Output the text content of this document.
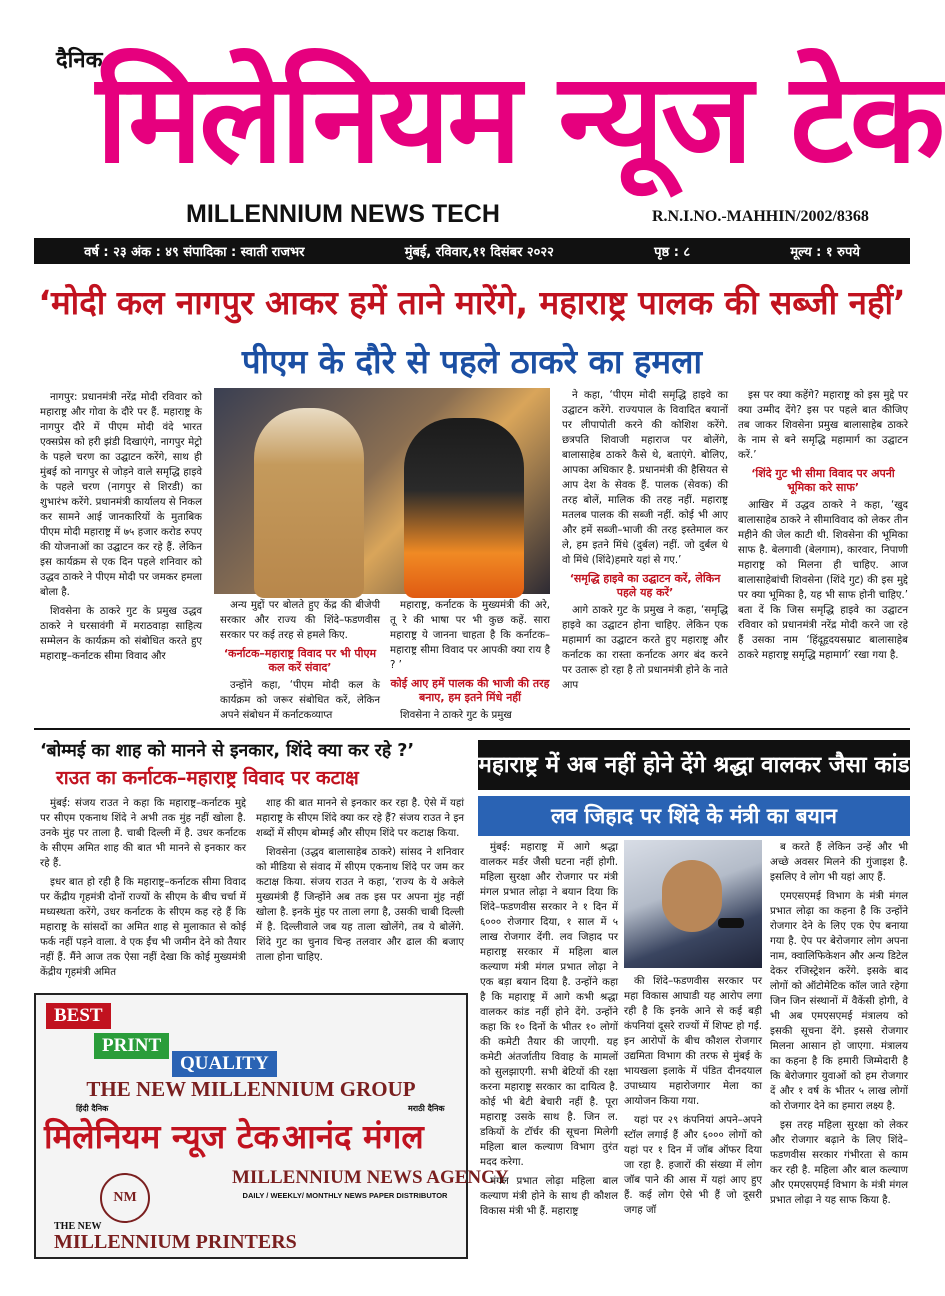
दैनिक
मिलेनियम न्यूज टेक
MILLENNIUM NEWS TECH	R.N.I.NO.-MAHHIN/2002/8368
वर्ष : २३ अंक : ४९ संपादिका : स्वाती राजभर	मुंबई, रविवार,११ दिसंबर २०२२	पृष्ठ : ८	मूल्य : १ रुपये
‘मोदी कल नागपुर आकर हमें ताने मारेंगे, महाराष्ट्र पालक की सब्जी नहीं’
पीएम के दौरे से पहले ठाकरे का हमला

नागपुर: प्रधानमंत्री नरेंद्र मोदी रविवार को महाराष्ट्र और गोवा के दौरे पर हैं. महाराष्ट्र के नागपुर दौरे में पीएम मोदी वंदे भारत एक्सप्रेस को हरी झंडी दिखाएंगे, नागपुर मेट्रो के पहले चरण का उद्घाटन करेंगे, साथ ही मुंबई को नागपुर से जोड़ने वाले समृद्धि हाइवे के पहले चरण (नागपुर से शिरडी) का शुभारंभ करेंगे. प्रधानमंत्री कार्यालय से निकल कर सामने आई जानकारियों के मुताबिक पीएम मोदी महाराष्ट्र में ७५ हजार करोड रुपए की योजनाओं का उद्घाटन कर रहे हैं. लेकिन इस कार्यक्रम से एक दिन पहले शनिवार को उद्धव ठाकरे ने पीएम मोदी पर जमकर हमला बोला है.

शिवसेना के ठाकरे गुट के प्रमुख उद्धव ठाकरे ने घरसावंगी में मराठवाड़ा साहित्य सम्मेलन के कार्यक्रम को संबोधित करते हुए महाराष्ट्र–कर्नाटक सीमा विवाद और

अन्य मुद्दों पर बोलते हुए केंद्र की बीजेपी सरकार और राज्य की शिंदे–फडणवीस सरकार पर कई तरह से हमले किए.

‘कर्नाटक–महाराष्ट्र विवाद पर भी पीएम कल करें संवाद’

उन्होंने कहा, ‘पीएम मोदी कल के कार्यक्रम को जरूर संबोधित करें, लेकिन अपने संबोधन में कर्नाटकव्याप्त

महाराष्ट्र, कर्नाटक के मुख्यमंत्री की अरे, तू रे की भाषा पर भी कुछ कहें. सारा महाराष्ट्र ये जानना चाहता है कि कर्नाटक–महाराष्ट्र सीमा विवाद पर आपकी क्या राय है ? ’

कोई आए हमें पालक की भाजी की तरह बनाए, हम इतने मिंधे नहीं

शिवसेना ने ठाकरे गुट के प्रमुख

ने कहा, ‘पीएम मोदी समृद्धि हाइवे का उद्घाटन करेंगे. राज्यपाल के विवादित बयानों पर लीपापोती करने की कोशिश करेंगे. छत्रपति शिवाजी महाराज पर बोलेंगे, बालासाहेब ठाकरे कैसे थे, बताएंगे. बोलिए, आपका अधिकार है. प्रधानमंत्री की हैसियत से आप देश के सेवक हैं. पालक (सेवक) की तरह बोलें, मालिक की तरह नहीं. महाराष्ट्र मतलब पालक की सब्जी नहीं. कोई भी आए और हमें सब्जी–भाजी की तरह इस्तेमाल कर ले, हम इतने मिंधे (दुर्बल) नहीं. जो दुर्बल थे वो मिंधे (शिंदे)हमारे यहां से गए.’

‘समृद्धि हाइवे का उद्घाटन करें, लेकिन पहले यह करें’

आगे ठाकरे गुट के प्रमुख ने कहा, ‘समृद्धि हाइवे का उद्घाटन होना चाहिए. लेकिन एक महामार्ग का उद्घाटन करते हुए महाराष्ट्र और कर्नाटक का रास्ता कर्नाटक अगर बंद करने पर उतारू हो रहा है तो प्रधानमंत्री होने के नाते आप

इस पर क्या कहेंगे? महाराष्ट्र को इस मुद्दे पर क्या उम्मीद देंगे? इस पर पहले बात कीजिए तब जाकर शिवसेना प्रमुख बालासाहेब ठाकरे के नाम से बने समृद्धि महामार्ग का उद्घाटन करें.’

‘शिंदे गुट भी सीमा विवाद पर अपनी भूमिका करे साफ’

आखिर में उद्धव ठाकरे ने कहा, ‘खुद बालासाहेब ठाकरे ने सीमाविवाद को लेकर तीन महीने की जेल काटी थी. शिवसेना की भूमिका साफ है. बेलगावी (बेलगाम), कारवार, निपाणी महाराष्ट्र को मिलना ही चाहिए. आज बालासाहेबांची शिवसेना (शिंदे गुट) की इस मुद्दे पर क्या भूमिका है, यह भी साफ होनी चाहिए.’ बता दें कि जिस समृद्धि हाइवे का उद्घाटन रविवार को प्रधानमंत्री नरेंद्र मोदी करने जा रहे हैं उसका नाम ‘हिंदूहृदयसम्राट बालासाहेब ठाकरे महाराष्ट्र समृद्धि महामार्ग’ रखा गया है.

‘बोम्मई का शाह को मानने से इनकार, शिंदे क्या कर रहे ?’
राउत का कर्नाटक–महाराष्ट्र विवाद पर कटाक्ष

मुंबई: संजय राउत ने कहा कि महाराष्ट्र–कर्नाटक मुद्दे पर सीएम एकनाथ शिंदे ने अभी तक मुंह नहीं खोला है. उनके मुंह पर ताला है. चाबी दिल्ली में है. उधर कर्नाटक के सीएम अमित शाह की बात भी मानने से इनकार कर रहे हैं.

इधर बात हो रही है कि महाराष्ट्र–कर्नाटक सीमा विवाद पर केंद्रीय गृहमंत्री दोनों राज्यों के सीएम के बीच चर्चा में मध्यस्थता करेंगे, उधर कर्नाटक के सीएम कह रहे हैं कि महाराष्ट्र के सांसदों का अमित शाह से मुलाकात से कोई फर्क नहीं पड़ने वाला. वे एक ईंच भी जमीन देने को तैयार नहीं हैं. मैंने आज तक ऐसा नहीं देखा कि कोई मुख्यमंत्री केंद्रीय गृहमंत्री अमित

शाह की बात मानने से इनकार कर रहा है. ऐसे में यहां महाराष्ट्र के सीएम शिंदे क्या कर रहे हैं? संजय राउत ने इन शब्दों में सीएम बोम्मई और सीएम शिंदे पर कटाक्ष किया.

शिवसेना (उद्धव बालासाहेब ठाकरे) सांसद ने शनिवार को मीडिया से संवाद में सीएम एकनाथ शिंदे पर जम कर कटाक्ष किया. संजय राउत ने कहा, ‘राज्य के ये अकेले मुख्यमंत्री हैं जिन्होंने अब तक इस पर अपना मुंह नहीं खोला है. इनके मुंह पर ताला लगा है, उसकी चाबी दिल्ली में है. दिल्लीवाले जब यह ताला खोलेंगे, तब ये बोलेंगे. शिंदे गुट का चुनाव चिन्ह तलवार और ढाल की बजाए ताला होना चाहिए.

BEST
PRINT
QUALITY
THE NEW MILLENNIUM GROUP
हिंदी दैनिक	मराठी दैनिक
मिलेनियम न्यूज टेक आनंद मंगल
NM
MILLENNIUM NEWS AGENCY
DAILY / WEEKLY/ MONTHLY NEWS PAPER DISTRIBUTOR
THE NEW
MILLENNIUM PRINTERS
महाराष्ट्र में अब नहीं होने देंगे श्रद्धा वालकर जैसा कांड
लव जिहाद पर शिंदे के मंत्री का बयान

मुंबई: महाराष्ट्र में आगे श्रद्धा वालकर मर्डर जैसी घटना नहीं होगी. महिला सुरक्षा और रोजगार पर मंत्री मंगल प्रभात लोढ़ा ने बयान दिया कि शिंदे–फडणवीस सरकार ने १ दिन में ६००० रोजगार दिया, १ साल में ५ लाख रोजगार देंगी. लव जिहाद पर महाराष्ट्र सरकार में महिला बाल कल्याण मंत्री मंगल प्रभात लोढ़ा ने एक बड़ा बयान दिया है. उन्होंने कहा है कि महाराष्ट्र में आगे कभी श्रद्धा वालकर कांड नहीं होने देंगे. उन्होंने कहा कि १० दिनों के भीतर १० लोगों की कमेटी तैयार की जाएगी. यह कमेटी अंतर्जातीय विवाह के मामलों को सुलझाएगी. सभी बेटियों की रक्षा करना महाराष्ट्र सरकार का दायित्व है. कोई भी बेटी बेचारी नहीं है. पूरा महाराष्ट्र उसके साथ है. जिन ल. डकियों के टॉर्चर की सूचना मिलेगी महिला बाल कल्याण विभाग तुरंत मदद करेगा.

मंगल प्रभात लोढ़ा महिला बाल कल्याण मंत्री होने के साथ ही कौशल विकास मंत्री भी हैं. महाराष्ट्र

की शिंदे–फडणवीस सरकार पर महा विकास आघाडी यह आरोप लगा रही है कि इनके आने से कई बड़ी कंपनियां दूसरे राज्यों में शिफ्ट हो गईं. इन आरोपों के बीच कौशल रोजगार उद्यमिता विभाग की तरफ से मुंबई के भायखला इलाके में पंडित दीनदयाल उपाध्याय महारोजगार मेला का आयोजन किया गया.

यहां पर २९ कंपनियां अपने–अपने स्टॉल लगाई हैं और ६००० लोगों को यहां पर १ दिन में जॉब ऑफर दिया जा रहा है. हजारों की संख्या में लोग जॉब पाने की आस में यहां आए हुए हैं. कई लोग ऐसे भी हैं जो दूसरी जगह जॉ

ब करते हैं लेकिन उन्हें और भी अच्छे अवसर मिलने की गुंजाइश है. इसलिए वे लोग भी यहां आए हैं.

एमएसएमई विभाग के मंत्री मंगल प्रभात लोढ़ा का कहना है कि उन्होंने रोजगार देने के लिए एक ऐप बनाया गया है. ऐप पर बेरोजगार लोग अपना नाम, क्वालिफिकेशन और अन्य डिटेल देकर रजिस्ट्रेशन करेंगे. इसके बाद लोगों को ऑटोमेटिक कॉल जाते रहेगा जिन जिन संस्थानों में वैकेंसी होगी, वे भी अब एमएसएमई मंत्रालय को इसकी सूचना देंगे. इससे रोजगार मिलना आसान हो जाएगा. मंत्रालय का कहना है कि हमारी जिम्मेदारी है कि बेरोजगार युवाओं को हम रोजगार दें और १ वर्ष के भीतर ५ लाख लोगों को रोजगार देने का हमारा लक्ष्य है.

इस तरह महिला सुरक्षा को लेकर और रोजगार बढ़ाने के लिए शिंदे–फडणवीस सरकार गंभीरता से काम कर रही है. महिला और बाल कल्याण और एमएसएमई विभाग के मंत्री मंगल प्रभात लोढ़ा ने यह साफ किया है.
